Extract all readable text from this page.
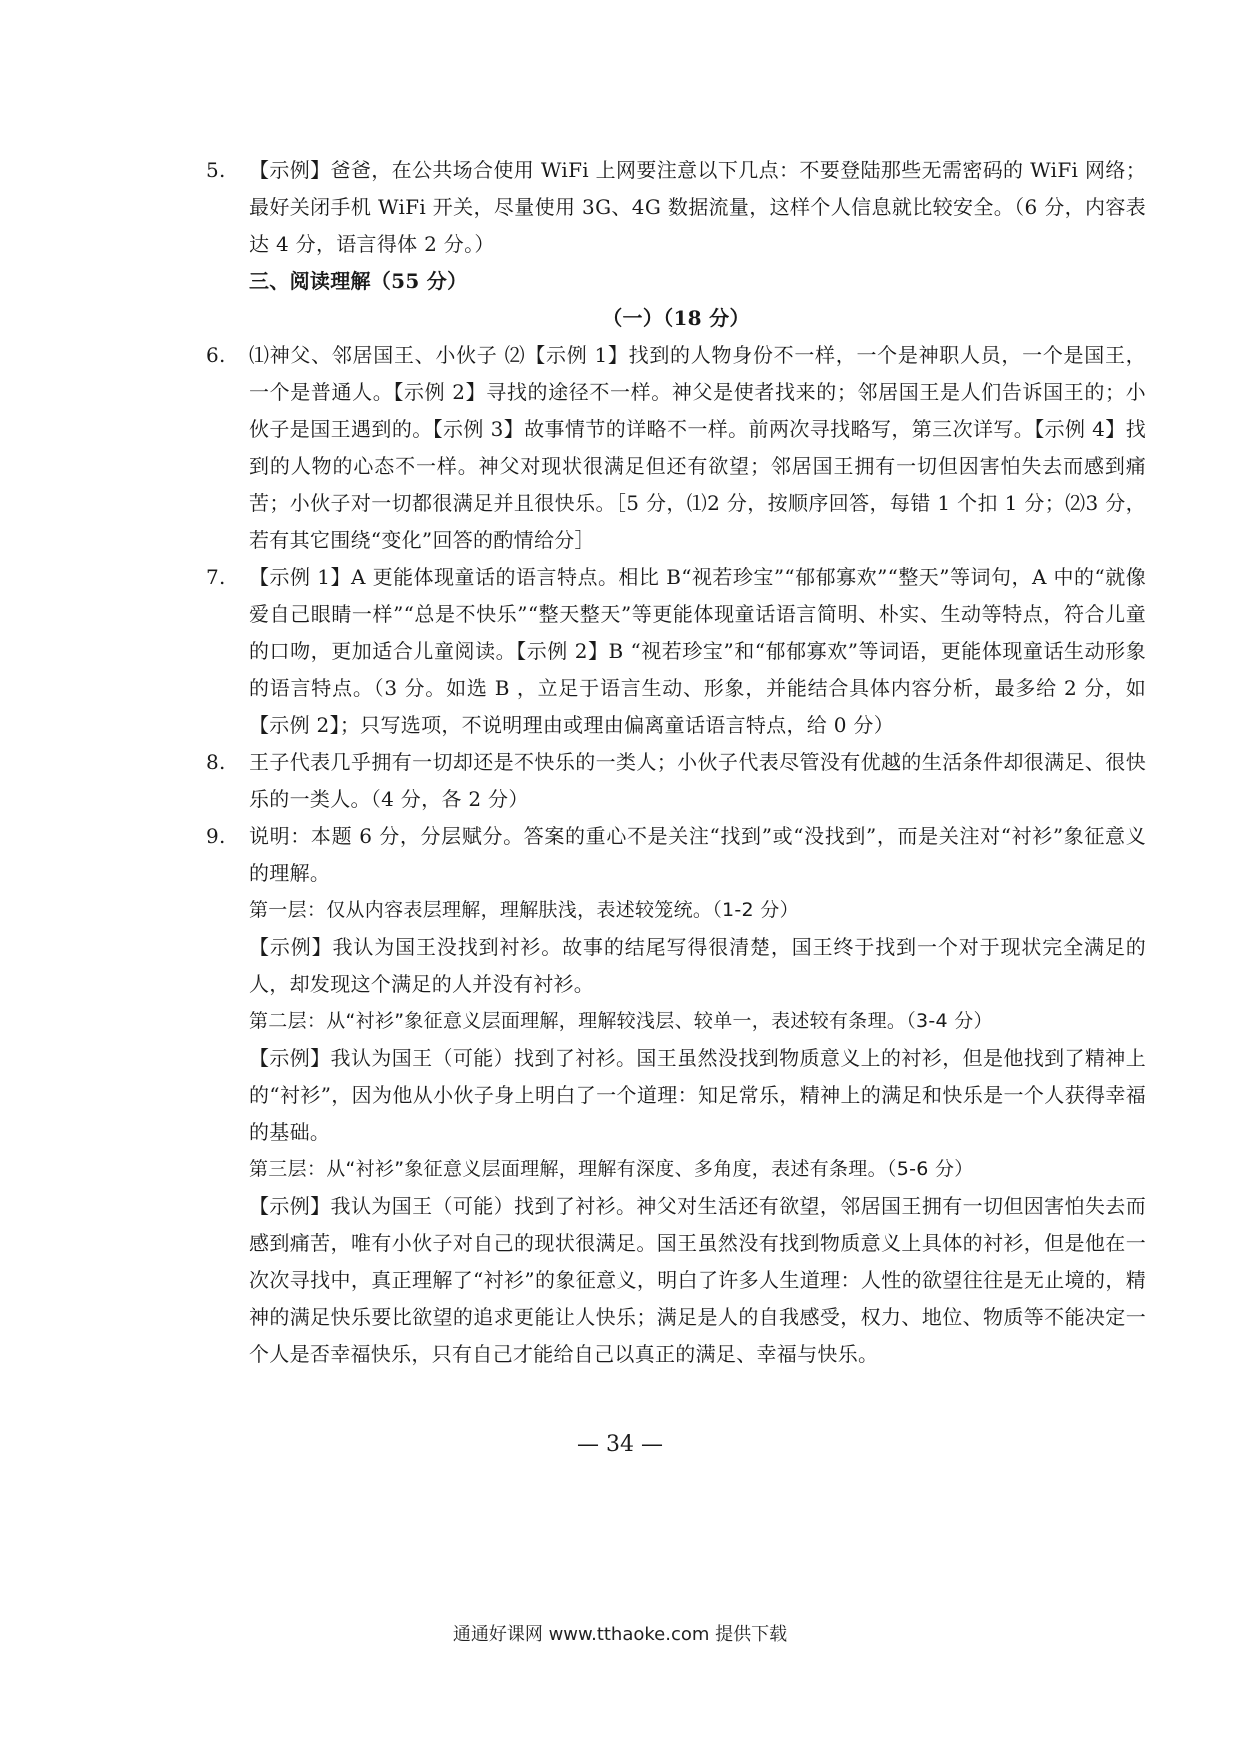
5. 【示例】爸爸，在公共场合使用 WiFi 上网要注意以下几点：不要登陆那些无需密码的 WiFi 网络；最好关闭手机 WiFi 开关，尽量使用 3G、4G 数据流量，这样个人信息就比较安全。（6 分，内容表达 4 分，语言得体 2 分。）
三、阅读理解（55 分）
（一）（18 分）
6. ⑴神父、邻居国王、小伙子 ⑵【示例 1】找到的人物身份不一样，一个是神职人员，一个是国王，一个是普通人。【示例 2】寻找的途径不一样。神父是使者找来的；邻居国王是人们告诉国王的；小伙子是国王遇到的。【示例 3】故事情节的详略不一样。前两次寻找略写，第三次详写。【示例 4】找到的人物的心态不一样。神父对现状很满足但还有欲望；邻居国王拥有一切但因害怕失去而感到痛苦；小伙子对一切都很满足并且很快乐。［5 分，⑴2 分，按顺序回答，每错 1 个扣 1 分；⑵3 分，若有其它围绕“变化”回答的酌情给分］
7. 【示例 1】A 更能体现童话的语言特点。相比 B“视若珍宝”“郁郁寡欢”“整天”等词句，A 中的“就像爱自己眼睛一样”“总是不快乐”“整天整天”等更能体现童话语言简明、朴实、生动等特点，符合儿童的口吻，更加适合儿童阅读。【示例 2】B “视若珍宝”和“郁郁寡欢”等词语，更能体现童话生动形象的语言特点。（3 分。如选 B ，立足于语言生动、形象，并能结合具体内容分析，最多给 2 分，如【示例 2】；只写选项，不说明理由或理由偏离童话语言特点，给 0 分）
8. 王子代表几乎拥有一切却还是不快乐的一类人；小伙子代表尽管没有优越的生活条件却很满足、很快乐的一类人。（4 分，各 2 分）
9. 说明：本题 6 分，分层赋分。答案的重心不是关注“找到”或“没找到”，而是关注对“衬衫”象征意义的理解。
第一层：仅从内容表层理解，理解肤浅，表述较笼统。（1-2 分）
【示例】我认为国王没找到衬衫。故事的结尾写得很清楚，国王终于找到一个对于现状完全满足的人，却发现这个满足的人并没有衬衫。
第二层：从“衬衫”象征意义层面理解，理解较浅层、较单一，表述较有条理。（3-4 分）
【示例】我认为国王（可能）找到了衬衫。国王虽然没找到物质意义上的衬衫，但是他找到了精神上的“衬衫”，因为他从小伙子身上明白了一个道理：知足常乐，精神上的满足和快乐是一个人获得幸福的基础。
第三层：从“衬衫”象征意义层面理解，理解有深度、多角度，表述有条理。（5-6 分）
【示例】我认为国王（可能）找到了衬衫。神父对生活还有欲望，邻居国王拥有一切但因害怕失去而感到痛苦，唯有小伙子对自己的现状很满足。国王虽然没有找到物质意义上具体的衬衫，但是他在一次次寻找中，真正理解了“衬衫”的象征意义，明白了许多人生道理：人性的欲望往往是无止境的，精神的满足快乐要比欲望的追求更能让人快乐；满足是人的自我感受，权力、地位、物质等不能决定一个人是否幸福快乐，只有自己才能给自己以真正的满足、幸福与快乐。
— 34 —
通通好课网 www.tthaoke.com 提供下载
